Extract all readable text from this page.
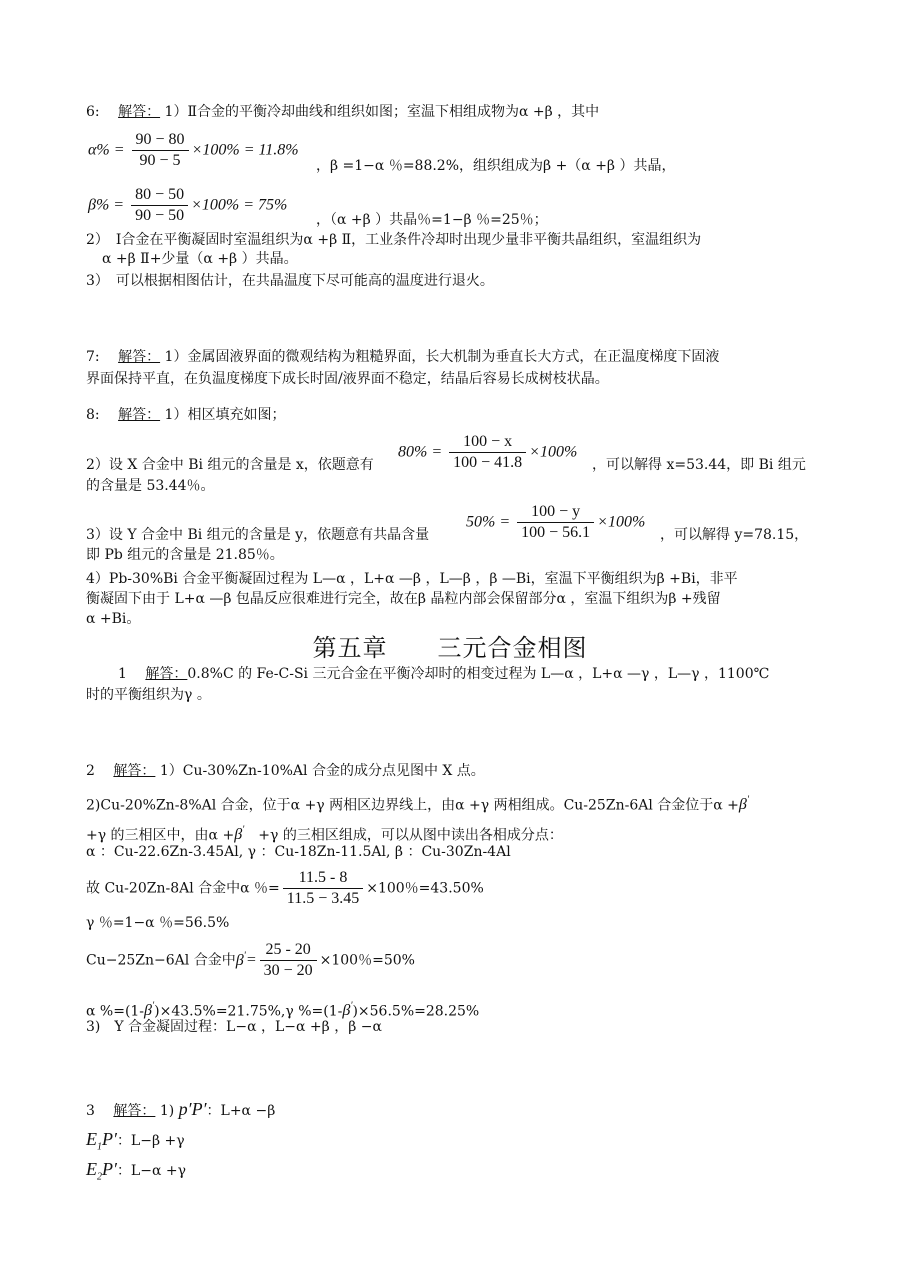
6:　 解答： 1）Ⅱ合金的平衡冷却曲线和组织如图；室温下相组成物为α +β ，其中
$\alpha\% = \frac{90 - 80}{90 - 5} \times 100\% = 11.8\%$
，β =1−α ％=88.2%，组织组成为β +（α +β ）共晶，
$\beta\% = \frac{80 - 50}{90 - 50} \times 100\% = 75\%$
，（α +β ）共晶％=1−β ％=25％；
2）　Ⅰ合金在平衡凝固时室温组织为α +β Ⅱ，工业条件冷却时出现少量非平衡共晶组织，室温组织为
α +β Ⅱ+少量（α +β ）共晶。
3）　可以根据相图估计，在共晶温度下尽可能高的温度进行退火。
7:　 解答： 1）金属固液界面的微观结构为粗糙界面，长大机制为垂直长大方式，在正温度梯度下固液
界面保持平直，在负温度梯度下成长时固/液界面不稳定，结晶后容易长成树枝状晶。
8:　 解答： 1）相区填充如图；
$80\% = \frac{100 - x}{100 - 41.8} \times 100\%$
2）设 X 合金中 Bi 组元的含量是 x，依题意有	，可以解得 x=53.44，即 Bi 组元
的含量是 53.44％。
$50\% = \frac{100 - y}{100 - 56.1} \times 100\%$
3）设 Y 合金中 Bi 组元的含量是 y，依题意有共晶含量	，可以解得 y=78.15，
即 Pb 组元的含量是 21.85％。
4）Pb-30%Bi 合金平衡凝固过程为 L—α ，L+α —β ，L—β ，β —Bi，室温下平衡组织为β +Bi，非平
衡凝固下由于 L+α —β 包晶反应很难进行完全，故在β 晶粒内部会保留部分α ，室温下组织为β +残留
α +Bi。
第五章　　三元合金相图
1　 解答：0.8%C 的 Fe-C-Si 三元合金在平衡冷却时的相变过程为 L—α ，L+α —γ ，L—γ ，1100℃
时的平衡组织为γ 。
2　 解答： 1）Cu-30%Zn-10%Al 合金的成分点见图中 X 点。
2)Cu-20%Zn-8%Al 合金，位于α +γ 两相区边界线上，由α +γ 两相组成。Cu-25Zn-6Al 合金位于α +β'
+γ 的三相区中，由α +β'　 +γ 的三相区组成，可以从图中读出各相成分点：
α ：Cu-22.6Zn-3.45Al, γ ：Cu-18Zn-11.5Al, β ：Cu-30Zn-4Al
故 Cu-20Zn-8Al 合金中α ％= $\frac{11.5 - 8}{11.5 - 3.45} \times 100$％=43.50%
γ ％=1−α ％=56.5%
Cu−25Zn−6Al 合金中$\beta'= \frac{25 - 20}{30 - 20} \times 100$％=50%
α %=(1-β')×43.5%=21.75%,γ %=(1-β')×56.5%=28.25%
3)　Y 合金凝固过程：L−α ，L−α +β ，β −α
3　 解答： 1) p′P′：L+α −β
$E_1P'$：L−β +γ
$E_2P'$：L−α +γ
